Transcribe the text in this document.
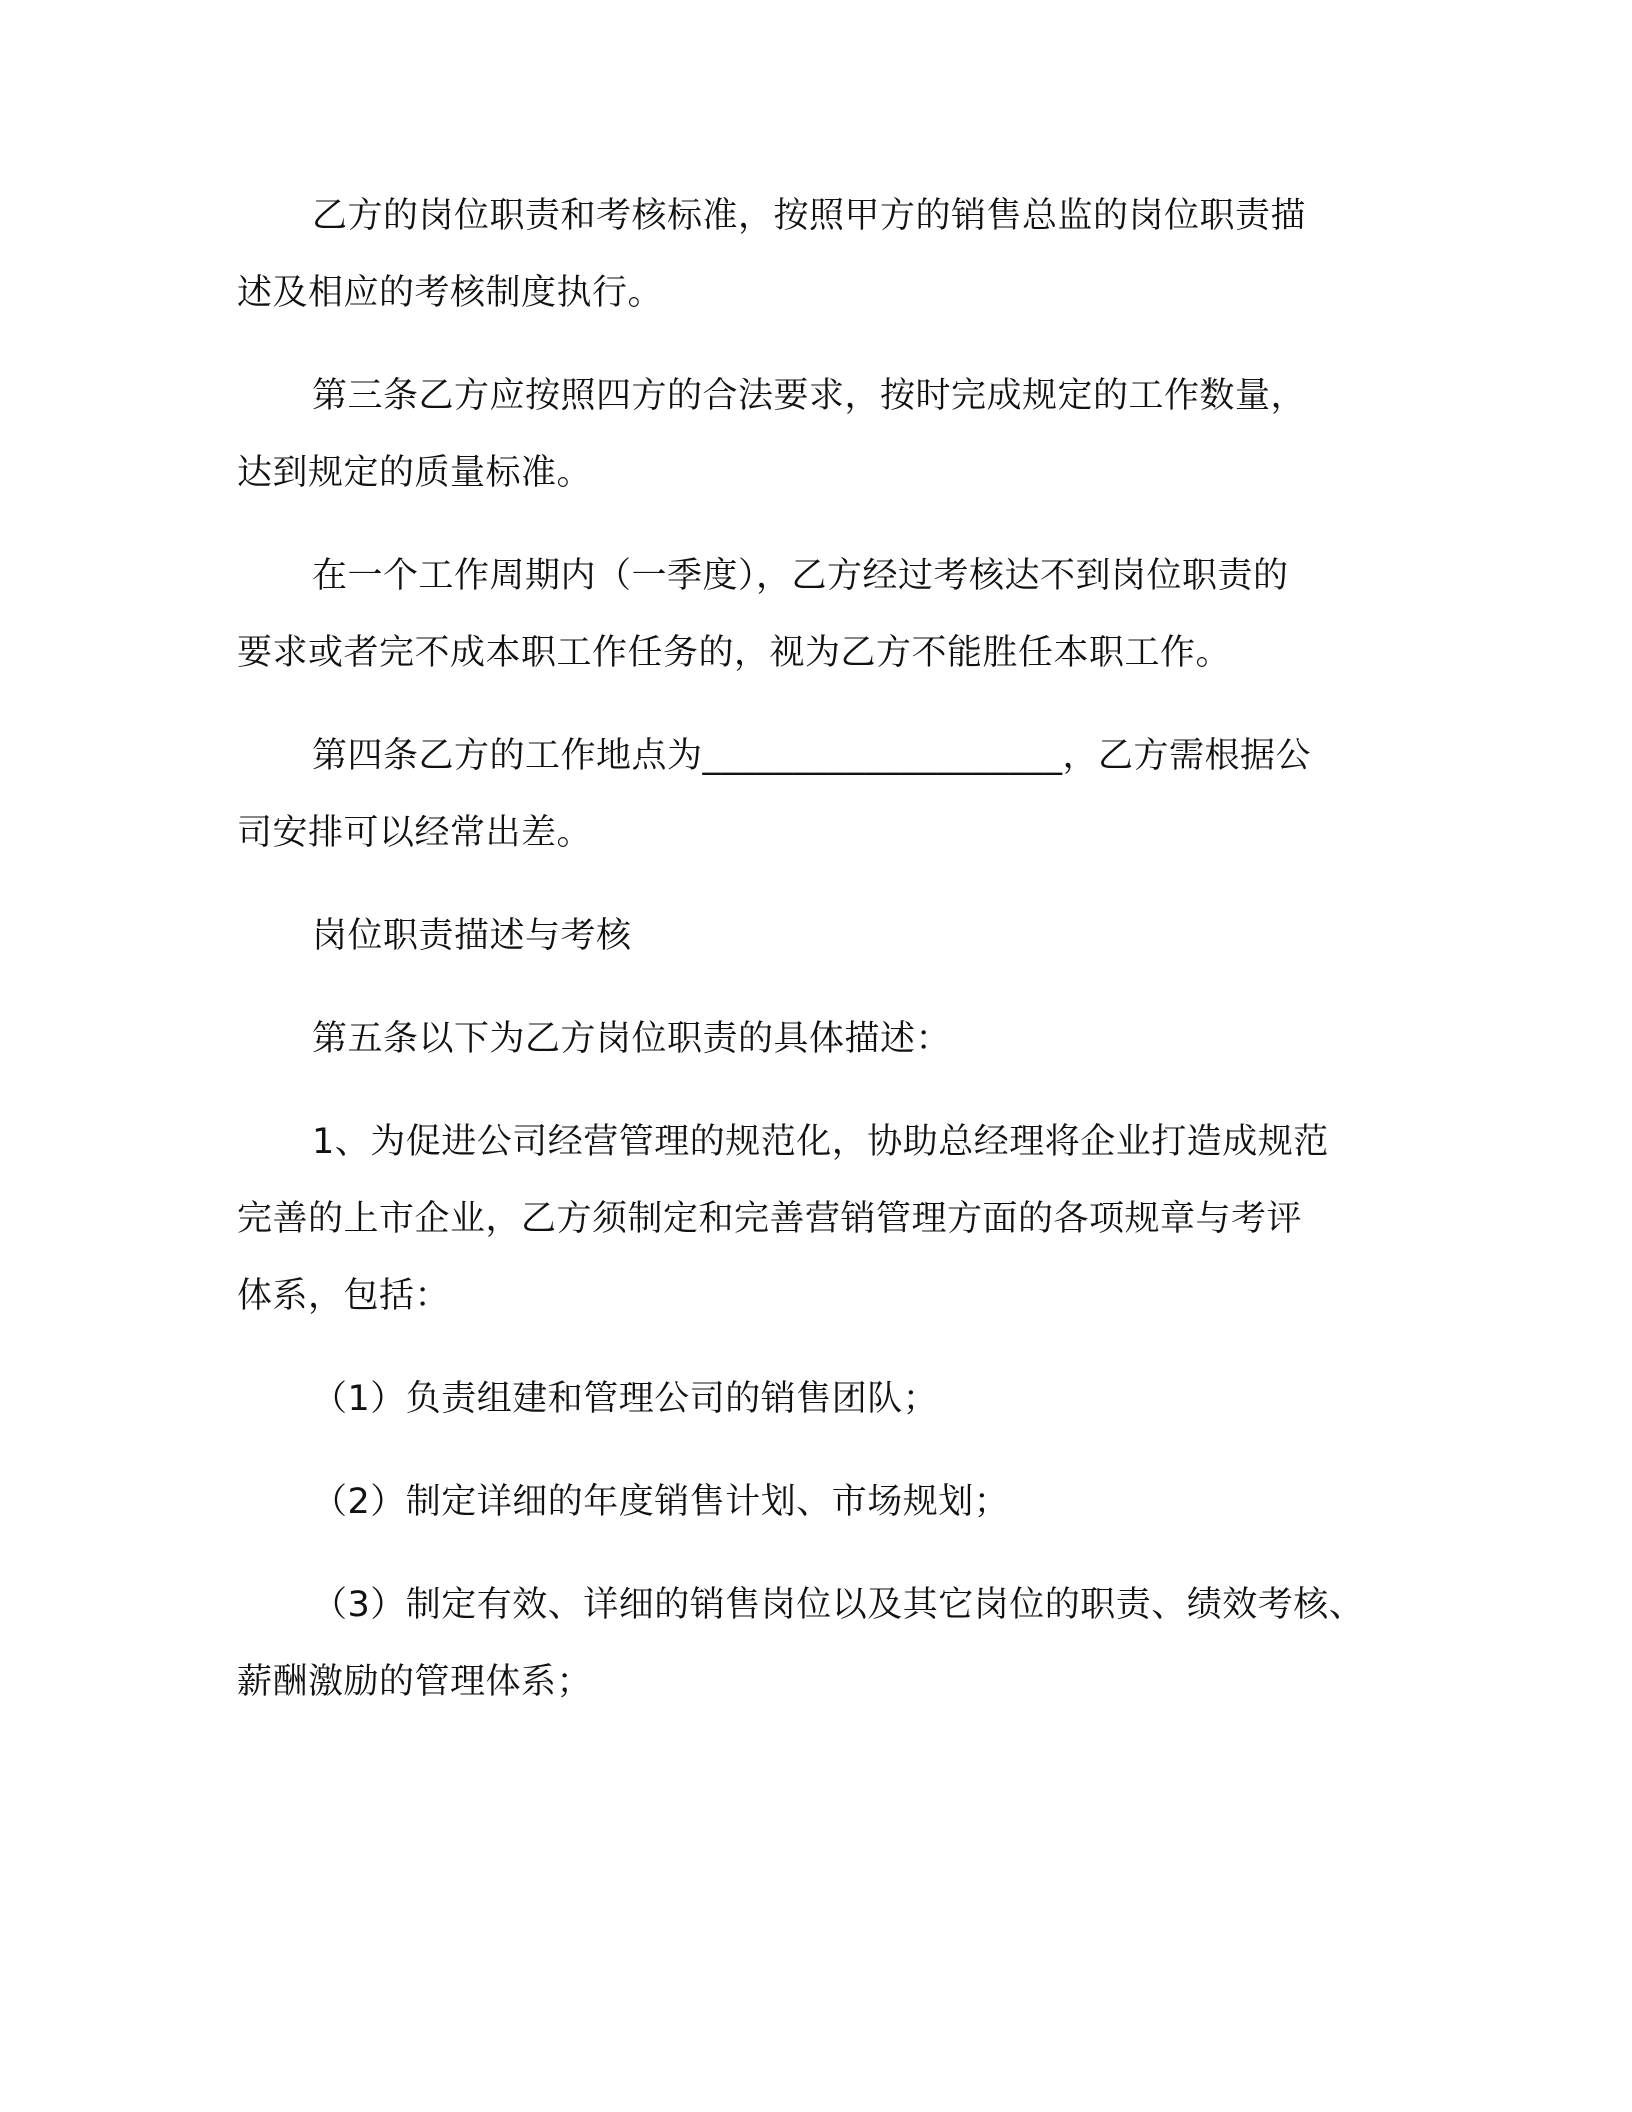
乙方的岗位职责和考核标准，按照甲方的销售总监的岗位职责描
述及相应的考核制度执行。
第三条乙方应按照四方的合法要求，按时完成规定的工作数量，
达到规定的质量标准。
在一个工作周期内（一季度），乙方经过考核达不到岗位职责的
要求或者完不成本职工作任务的，视为乙方不能胜任本职工作。
第四条乙方的工作地点为____________________，乙方需根据公
司安排可以经常出差。
岗位职责描述与考核
第五条以下为乙方岗位职责的具体描述：
1、为促进公司经营管理的规范化，协助总经理将企业打造成规范
完善的上市企业，乙方须制定和完善营销管理方面的各项规章与考评
体系，包括：
（1）负责组建和管理公司的销售团队；
（2）制定详细的年度销售计划、市场规划；
（3）制定有效、详细的销售岗位以及其它岗位的职责、绩效考核、
薪酬激励的管理体系；
